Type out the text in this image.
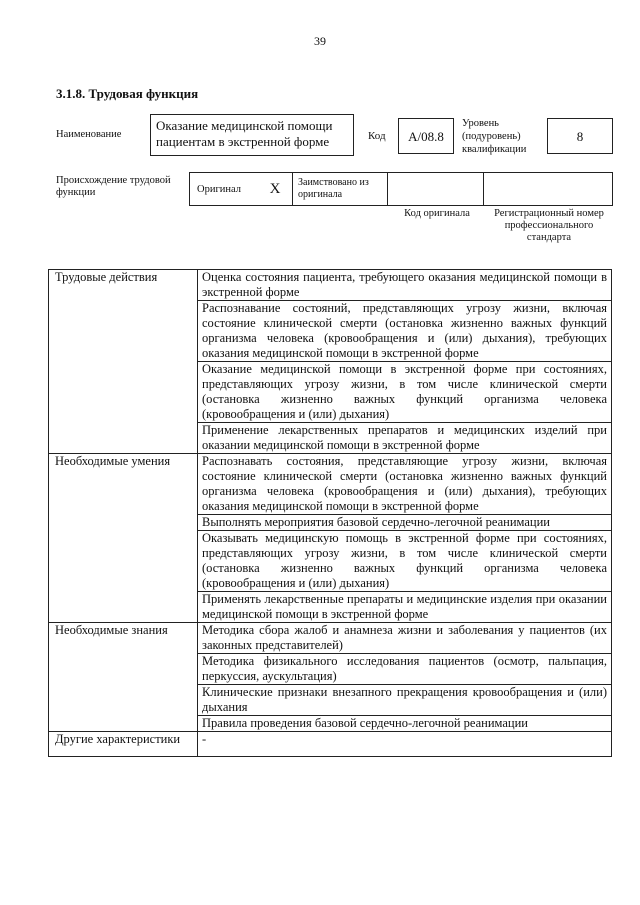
39
3.1.8. Трудовая функция
Наименование
Оказание медицинской помощи пациентам в экстренной форме	Код	А/08.8
Уровень (подуровень) квалификации
8
Происхождение трудовой функции	Оригинал	Х	Заимствовано из оригинала
Код оригинала	Регистрационный номер профессионального стандарта
Трудовые действия	Оценка состояния пациента, требующего оказания медицинской помощи в экстренной форме
	Распознавание состояний, представляющих угрозу жизни, включая состояние клинической смерти (остановка жизненно важных функций организма человека (кровообращения и (или) дыхания), требующих оказания медицинской помощи в экстренной форме
	Оказание медицинской помощи в экстренной форме при состояниях, представляющих угрозу жизни, в том числе клинической смерти (остановка жизненно важных функций организма человека (кровообращения и (или) дыхания)
	Применение лекарственных препаратов и медицинских изделий при оказании медицинской помощи в экстренной форме
Необходимые умения	Распознавать состояния, представляющие угрозу жизни, включая состояние клинической смерти (остановка жизненно важных функций организма человека (кровообращения и (или) дыхания), требующих оказания медицинской помощи в экстренной форме
	Выполнять мероприятия базовой сердечно-легочной реанимации
	Оказывать медицинскую помощь в экстренной форме при состояниях, представляющих угрозу жизни, в том числе клинической смерти (остановка жизненно важных функций организма человека (кровообращения и (или) дыхания)
	Применять лекарственные препараты и медицинские изделия при оказании медицинской помощи в экстренной форме
Необходимые знания	Методика сбора жалоб и анамнеза жизни и заболевания у пациентов (их законных представителей)
	Методика физикального исследования пациентов (осмотр, пальпация, перкуссия, аускультация)
	Клинические признаки внезапного прекращения кровообращения и (или) дыхания
	Правила проведения базовой сердечно-легочной реанимации
Другие характеристики	-
